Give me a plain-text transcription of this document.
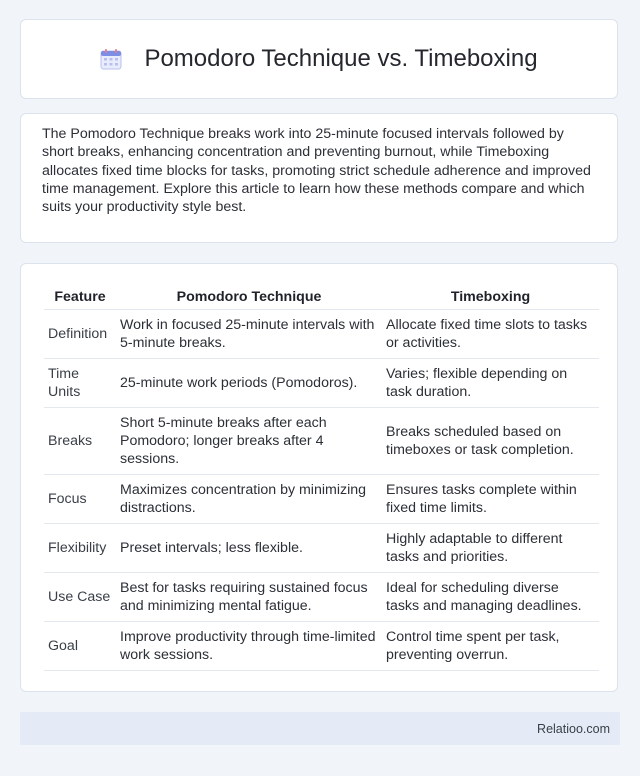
Pomodoro Technique vs. Timeboxing

The Pomodoro Technique breaks work into 25-minute focused intervals followed by short breaks, enhancing concentration and preventing burnout, while Timeboxing allocates fixed time blocks for tasks, promoting strict schedule adherence and improved time management. Explore this article to learn how these methods compare and which suits your productivity style best.

Feature	Pomodoro Technique	Timeboxing
Definition	Work in focused 25-minute intervals with 5-minute breaks.	Allocate fixed time slots to tasks or activities.
Time Units	25-minute work periods (Pomodoros).	Varies; flexible depending on task duration.
Breaks	Short 5-minute breaks after each Pomodoro; longer breaks after 4 sessions.	Breaks scheduled based on timeboxes or task completion.
Focus	Maximizes concentration by minimizing distractions.	Ensures tasks complete within fixed time limits.
Flexibility	Preset intervals; less flexible.	Highly adaptable to different tasks and priorities.
Use Case	Best for tasks requiring sustained focus and minimizing mental fatigue.	Ideal for scheduling diverse tasks and managing deadlines.
Goal	Improve productivity through time-limited work sessions.	Control time spent per task, preventing overrun.
Relatioo.com
